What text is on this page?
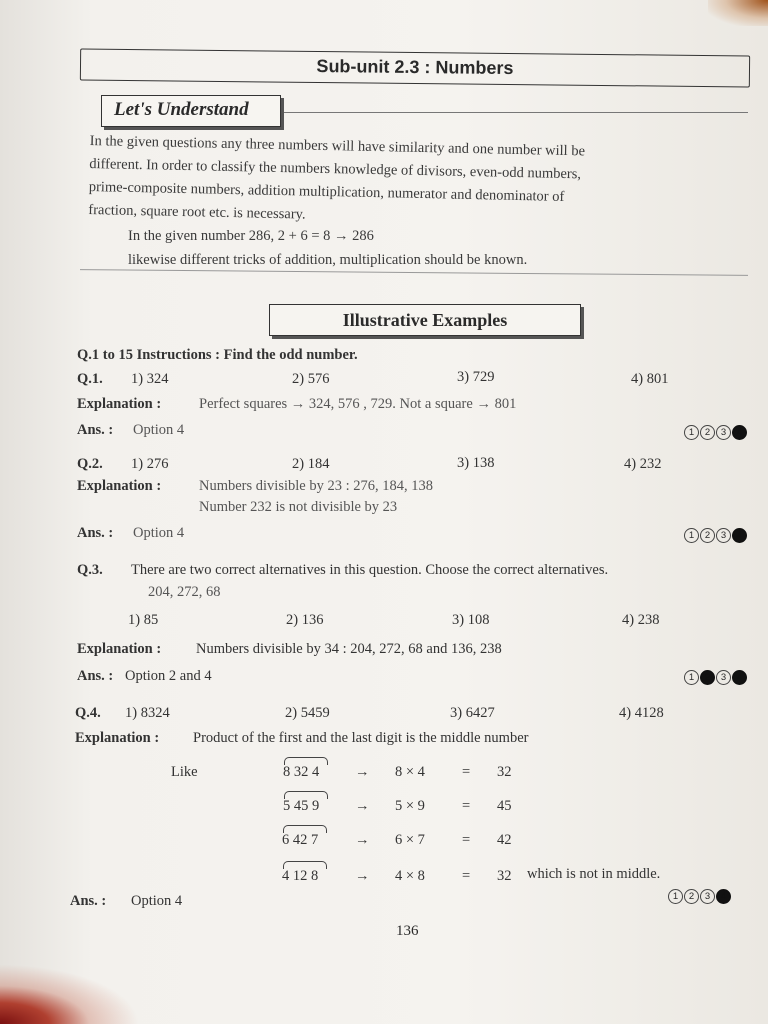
Sub-unit 2.3 : Numbers
Let's Understand
In the given questions any three numbers will have similarity and one number will be
different. In order to classify the numbers knowledge of divisors, even-odd numbers,
prime-composite numbers, addition multiplication, numerator and denominator of
fraction, square root etc. is necessary.
In the given number 286, 2 + 6 = 8 → 286
likewise different tricks of addition, multiplication should be known.
Illustrative Examples
Q.1 to 15 Instructions : Find the odd number.
Q.1. 1) 324	2) 576	3) 729	4) 801
Explanation :	Perfect squares → 324, 576 , 729. Not a square → 801
Ans. : Option 4	1 2 3 4
Q.2. 1) 276	2) 184	3) 138	4) 232
Explanation :	Numbers divisible by 23 : 276, 184, 138
Number 232 is not divisible by 23
Ans. : Option 4	1 2 3 4
Q.3. There are two correct alternatives in this question. Choose the correct alternatives.
204, 272, 68
1) 85	2) 136	3) 108	4) 238
Explanation : Numbers divisible by 34 : 204, 272, 68 and 136, 238
Ans. : Option 2 and 4	1 2 3 4
Q.4. 1) 8324	2) 5459	3) 6427	4) 4128
Explanation : Product of the first and the last digit is the middle number
Like	8 32 4 → 8 × 4	= 32
5 45 9 → 5 × 9	= 45
6 42 7	→ 6 × 7	= 42
4 12 8	→ 4 × 8	= 32 which is not in middle.
Ans. : Option 4	1 2 3 4
136
